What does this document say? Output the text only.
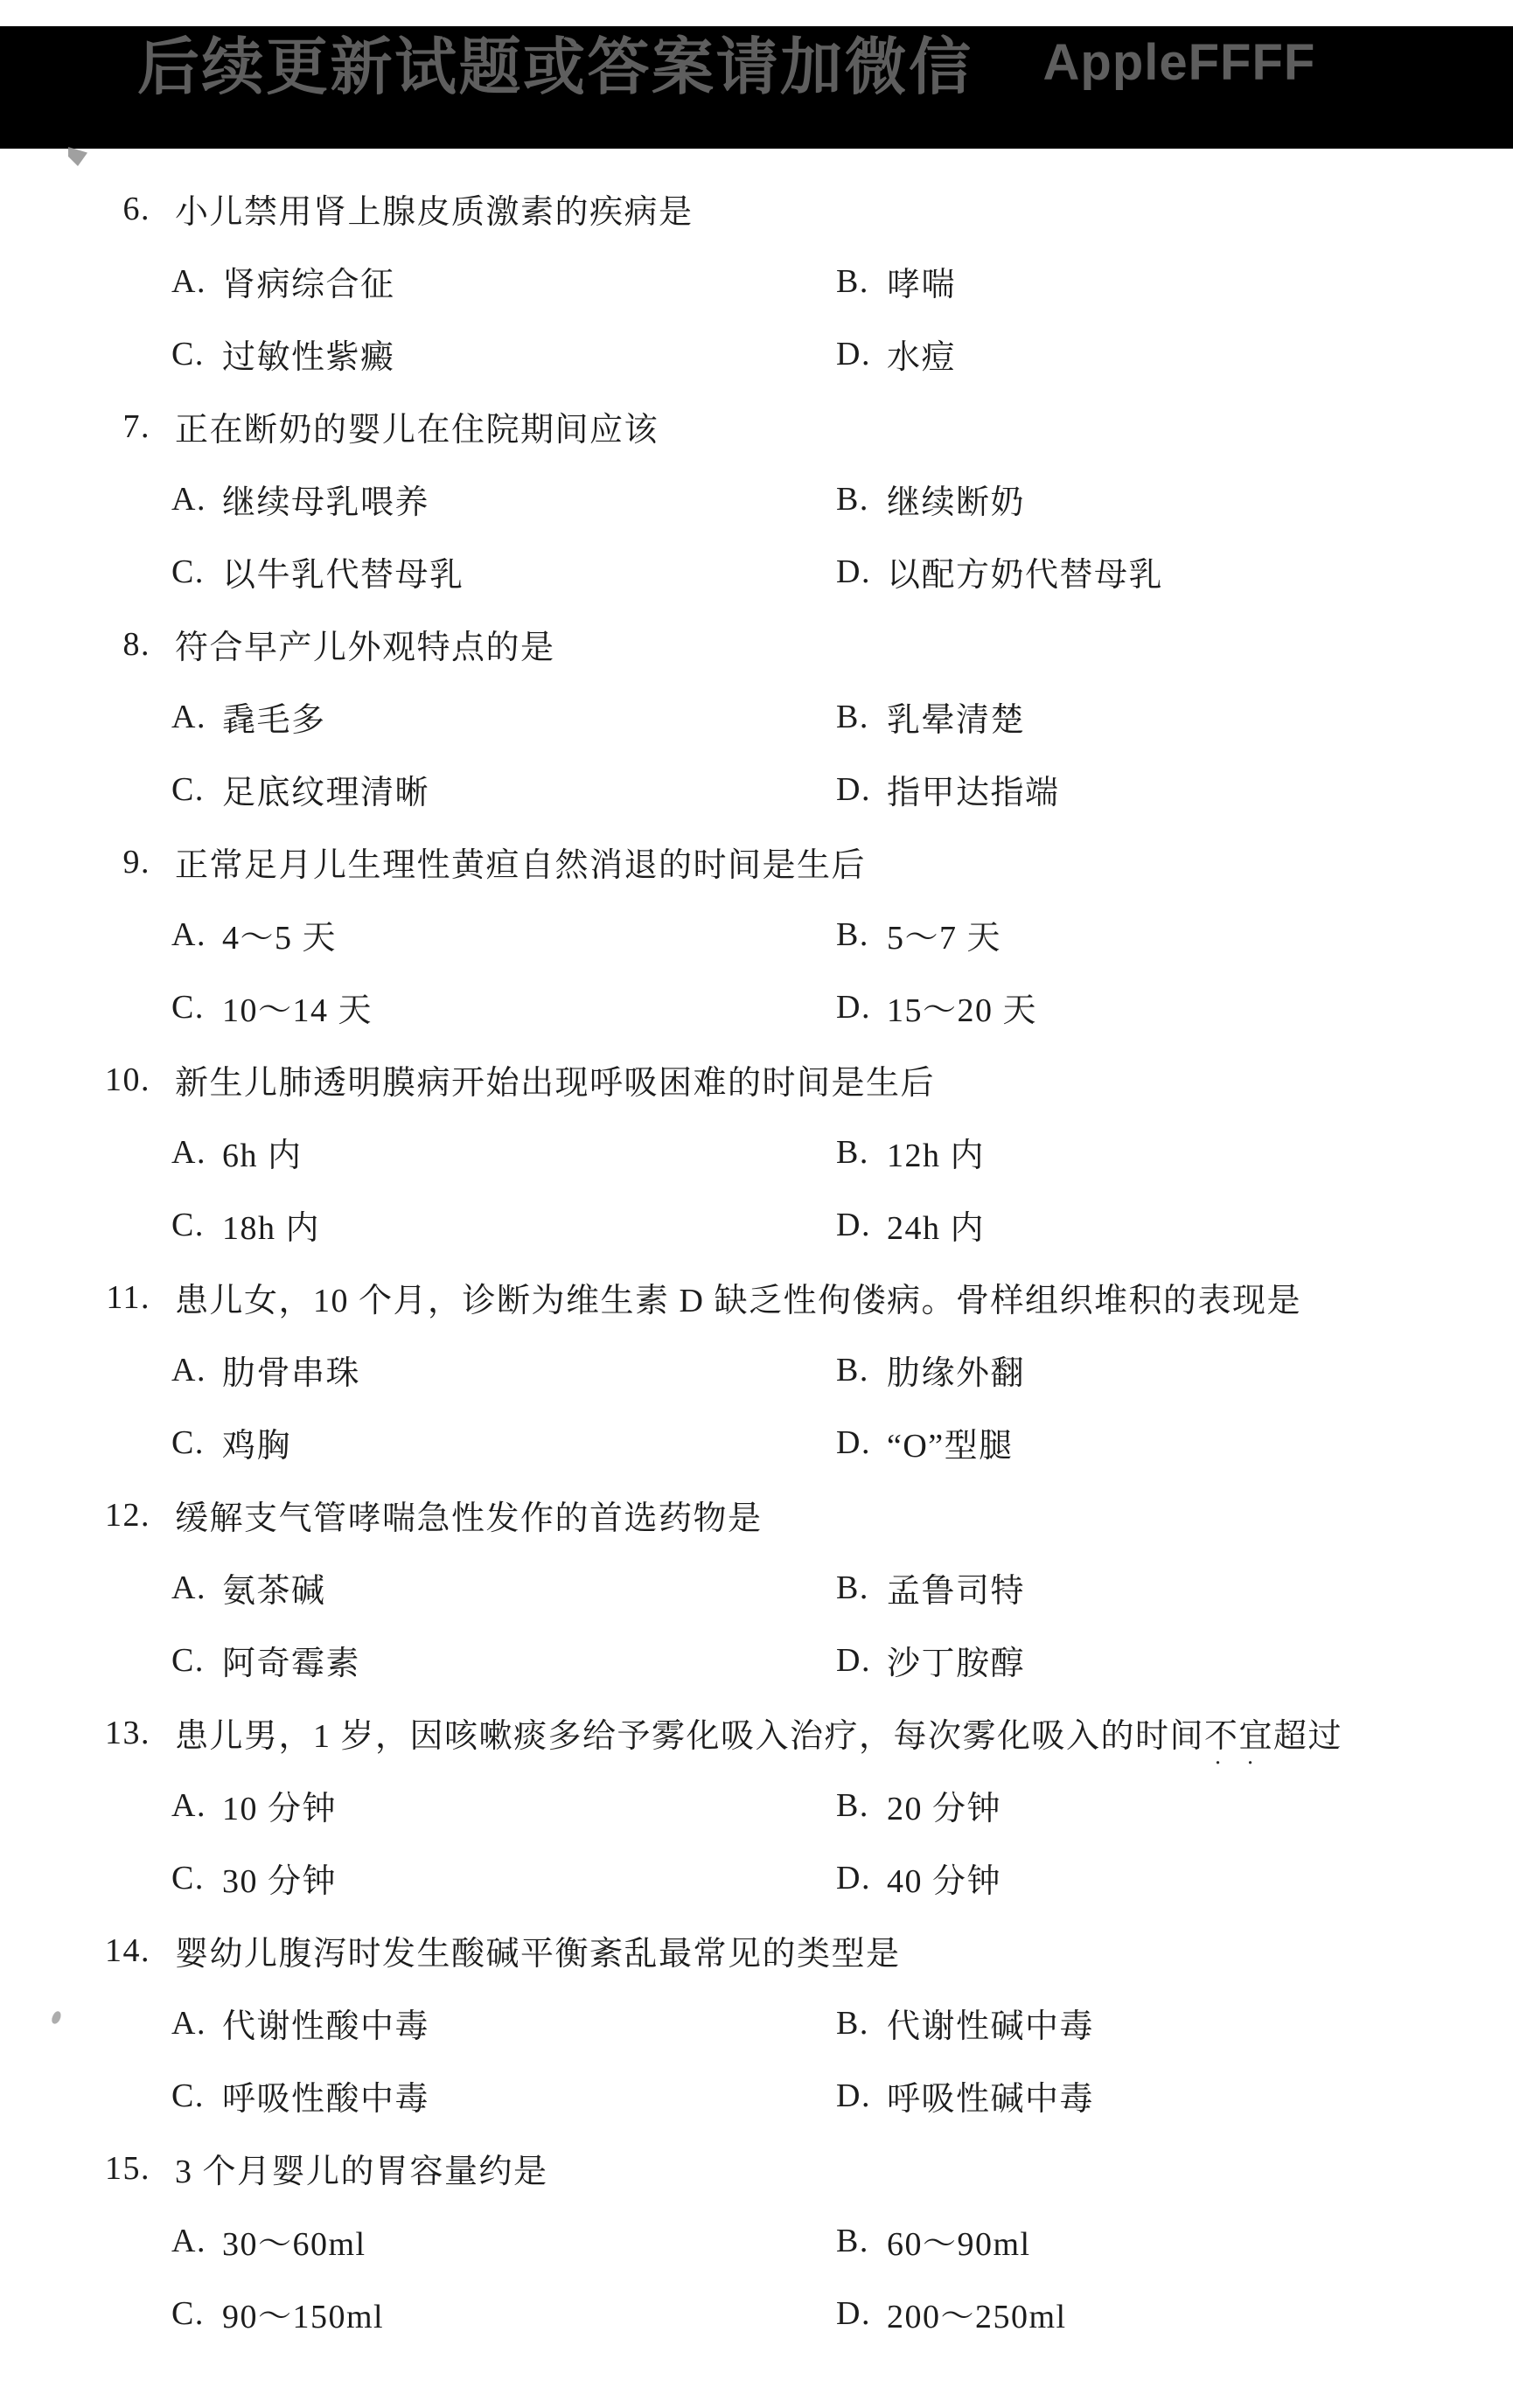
后续更新试题或答案请加微信 AppleFFFF
6. 小儿禁用肾上腺皮质激素的疾病是
A. 肾病综合征	B. 哮喘
C. 过敏性紫癜	D. 水痘
7. 正在断奶的婴儿在住院期间应该
A. 继续母乳喂养	B. 继续断奶
C. 以牛乳代替母乳	D. 以配方奶代替母乳
8. 符合早产儿外观特点的是
A. 毳毛多	B. 乳晕清楚
C. 足底纹理清晰	D. 指甲达指端
9. 正常足月儿生理性黄疸自然消退的时间是生后
A. 4～5 天	B. 5～7 天
C. 10～14 天	D. 15～20 天
10. 新生儿肺透明膜病开始出现呼吸困难的时间是生后
A. 6h 内	B. 12h 内
C. 18h 内	D. 24h 内
11. 患儿女，10 个月，诊断为维生素 D 缺乏性佝偻病。骨样组织堆积的表现是
A. 肋骨串珠	B. 肋缘外翻
C. 鸡胸	D. “O”型腿
12. 缓解支气管哮喘急性发作的首选药物是
A. 氨茶碱	B. 孟鲁司特
C. 阿奇霉素	D. 沙丁胺醇
13. 患儿男，1 岁，因咳嗽痰多给予雾化吸入治疗，每次雾化吸入的时间不宜 ∙∙超过
A. 10 分钟	B. 20 分钟
C. 30 分钟	D. 40 分钟
14. 婴幼儿腹泻时发生酸碱平衡紊乱最常见的类型是
A. 代谢性酸中毒	B. 代谢性碱中毒
C. 呼吸性酸中毒	D. 呼吸性碱中毒
15. 3 个月婴儿的胃容量约是
A. 30～60ml	B. 60～90ml
C. 90～150ml	D. 200～250ml
